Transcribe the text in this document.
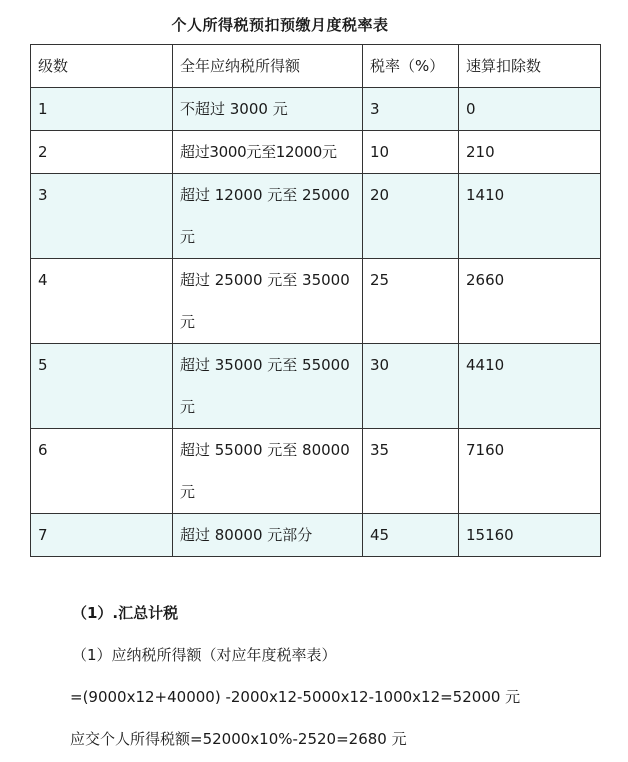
个人所得税预扣预缴月度税率表
级数	全年应纳税所得额	税率（%）	速算扣除数
1	不超过 3000 元	3	0
2	超过3000元至12000元	10	210
3	超过 12000 元至 25000 元	20	1410
4	超过 25000 元至 35000 元	25	2660
5	超过 35000 元至 55000 元	30	4410
6	超过 55000 元至 80000 元	35	7160
7	超过 80000 元部分	45	15160
（1）.汇总计税
（1）应纳税所得额（对应年度税率表）
=(9000x12+40000) -2000x12-5000x12-1000x12=52000 元
应交个人所得税额=52000x10%-2520=2680 元
